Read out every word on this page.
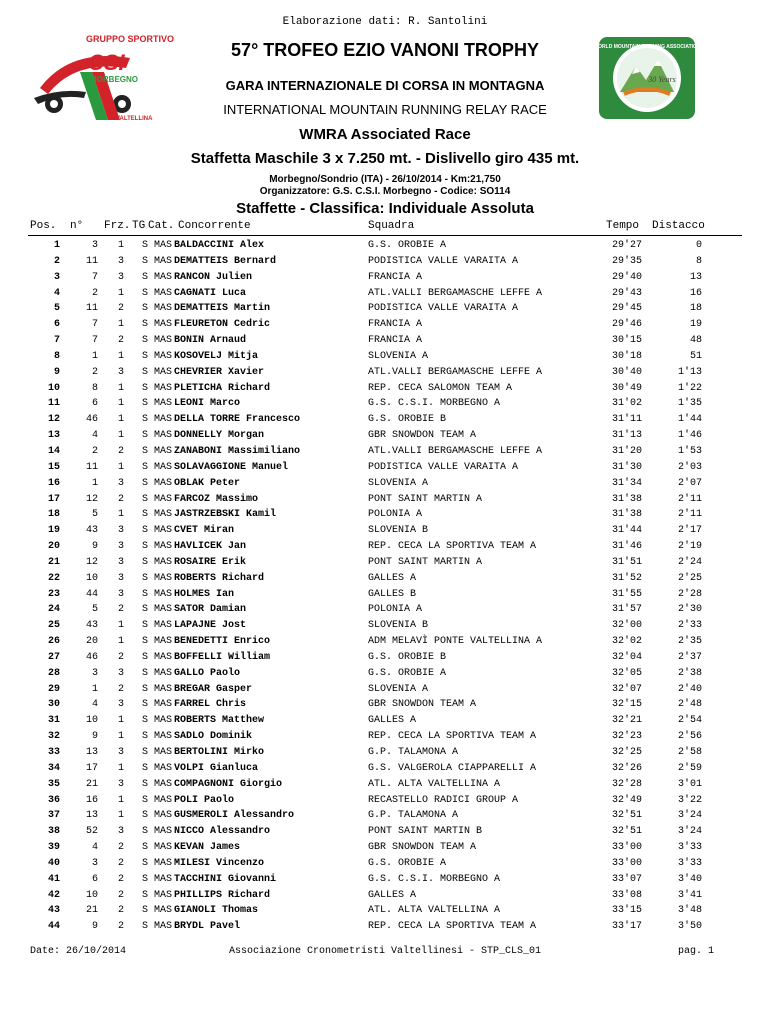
Elaborazione dati: R. Santolini
GRUPPO SPORTIVO
CSI
MORBEGNO
VALTELLINA
WORLD MOUNTAIN RUNNING ASSOCIATION
30 Years
57° TROFEO EZIO VANONI TROPHY
GARA INTERNAZIONALE DI CORSA IN MONTAGNA
INTERNATIONAL MOUNTAIN RUNNING RELAY RACE
WMRA Associated Race
Staffetta Maschile 3 x 7.250 mt. - Dislivello giro 435 mt.
Morbegno/Sondrio (ITA) - 26/10/2014 - Km:21,750
Organizzatore: G.S. C.S.I. Morbegno - Codice: SO114
Staffette - Classifica: Individuale Assoluta
Pos. n° Frz. TG Cat. Concorrente	Squadra	Tempo Distacco
1	3	1	S MAS BALDACCINI Alex	G.S. OROBIE A	29'27	0
2	11	3	S MAS DEMATTEIS Bernard	PODISTICA VALLE VARAITA A	29'35	8
3	7	3	S MAS RANCON Julien	FRANCIA A	29'40	13
4	2	1	S MAS CAGNATI Luca	ATL.VALLI BERGAMASCHE LEFFE A	29'43	16
5	11	2	S MAS DEMATTEIS Martin	PODISTICA VALLE VARAITA A	29'45	18
6	7	1	S MAS FLEURETON Cedric	FRANCIA A	29'46	19
7	7	2	S MAS BONIN Arnaud	FRANCIA A	30'15	48
8	1	1	S MAS KOSOVELJ Mitja	SLOVENIA A	30'18	51
9	2	3	S MAS CHEVRIER Xavier	ATL.VALLI BERGAMASCHE LEFFE A	30'40	1'13
10	8	1	S MAS PLETICHA Richard	REP. CECA SALOMON TEAM A	30'49	1'22
11	6	1	S MAS LEONI Marco	G.S. C.S.I. MORBEGNO A	31'02	1'35
12	46	1	S MAS DELLA TORRE Francesco	G.S. OROBIE B	31'11	1'44
13	4	1	S MAS DONNELLY Morgan	GBR SNOWDON TEAM A	31'13	1'46
14	2	2	S MAS ZANABONI Massimiliano	ATL.VALLI BERGAMASCHE LEFFE A	31'20	1'53
15	11	1	S MAS SOLAVAGGIONE Manuel	PODISTICA VALLE VARAITA A	31'30	2'03
16	1	3	S MAS OBLAK Peter	SLOVENIA A	31'34	2'07
17	12	2	S MAS FARCOZ Massimo	PONT SAINT MARTIN A	31'38	2'11
18	5	1	S MAS JASTRZEBSKI Kamil	POLONIA A	31'38	2'11
19	43	3	S MAS CVET Miran	SLOVENIA B	31'44	2'17
20	9	3	S MAS HAVLICEK Jan	REP. CECA LA SPORTIVA TEAM A	31'46	2'19
21	12	3	S MAS ROSAIRE Erik	PONT SAINT MARTIN A	31'51	2'24
22	10	3	S MAS ROBERTS Richard	GALLES A	31'52	2'25
23	44	3	S MAS HOLMES Ian	GALLES B	31'55	2'28
24	5	2	S MAS SATOR Damian	POLONIA A	31'57	2'30
25	43	1	S MAS LAPAJNE Jost	SLOVENIA B	32'00	2'33
26	20	1	S MAS BENEDETTI Enrico	ADM MELAVÌ PONTE VALTELLINA A	32'02	2'35
27	46	2	S MAS BOFFELLI William	G.S. OROBIE B	32'04	2'37
28	3	3	S MAS GALLO Paolo	G.S. OROBIE A	32'05	2'38
29	1	2	S MAS BREGAR Gasper	SLOVENIA A	32'07	2'40
30	4	3	S MAS FARREL Chris	GBR SNOWDON TEAM A	32'15	2'48
31	10	1	S MAS ROBERTS Matthew	GALLES A	32'21	2'54
32	9	1	S MAS SADLO Dominik	REP. CECA LA SPORTIVA TEAM A	32'23	2'56
33	13	3	S MAS BERTOLINI Mirko	G.P. TALAMONA A	32'25	2'58
34	17	1	S MAS VOLPI Gianluca	G.S. VALGEROLA CIAPPARELLI A	32'26	2'59
35	21	3	S MAS COMPAGNONI Giorgio	ATL. ALTA VALTELLINA A	32'28	3'01
36	16	1	S MAS POLI Paolo	RECASTELLO RADICI GROUP A	32'49	3'22
37	13	1	S MAS GUSMEROLI Alessandro	G.P. TALAMONA A	32'51	3'24
38	52	3	S MAS NICCO Alessandro	PONT SAINT MARTIN B	32'51	3'24
39	4	2	S MAS KEVAN James	GBR SNOWDON TEAM A	33'00	3'33
40	3	2	S MAS MILESI Vincenzo	G.S. OROBIE A	33'00	3'33
41	6	2	S MAS TACCHINI Giovanni	G.S. C.S.I. MORBEGNO A	33'07	3'40
42	10	2	S MAS PHILLIPS Richard	GALLES A	33'08	3'41
43	21	2	S MAS GIANOLI Thomas	ATL. ALTA VALTELLINA A	33'15	3'48
44	9	2	S MAS BRYDL Pavel	REP. CECA LA SPORTIVA TEAM A	33'17	3'50
Date: 26/10/2014	Associazione Cronometristi Valtellinesi - STP_CLS_01	pag. 1
